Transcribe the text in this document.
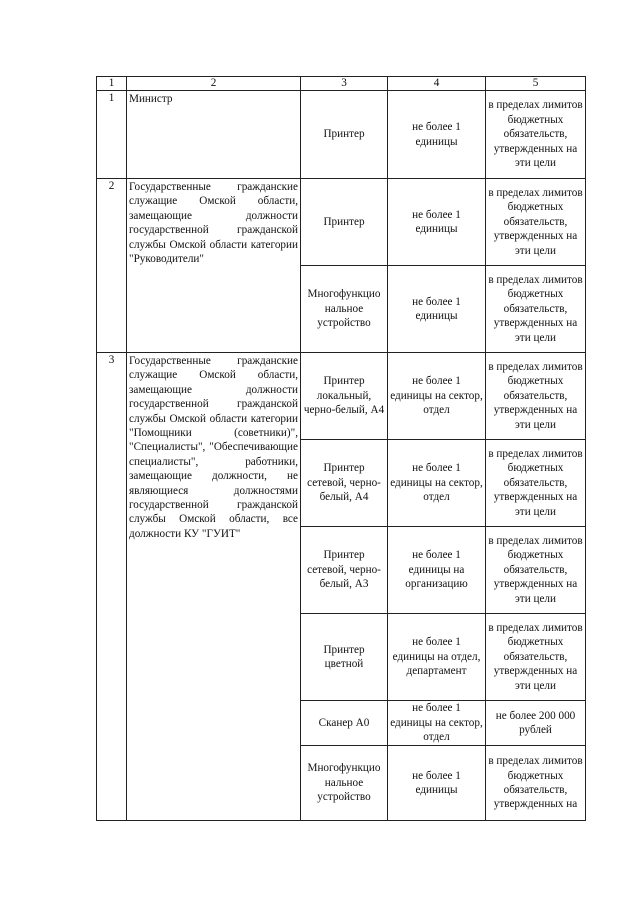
1	2	3	4	5
1	Министр	Принтер	не более 1 единицы	в пределах лимитов бюджетных обязательств, утвержденных на эти цели
2	Государственные гражданские служащие Омской области, замещающие должности государственной гражданской службы Омской области категории "Руководители"	Принтер	не более 1 единицы	в пределах лимитов бюджетных обязательств, утвержденных на эти цели
		Многофункцио нальное устройство	не более 1 единицы	в пределах лимитов бюджетных обязательств, утвержденных на эти цели
3	Государственные гражданские служащие Омской области, замещающие должности государственной гражданской службы Омской области категории "Помощники (советники)", "Специалисты", "Обеспечивающие специалисты", работники, замещающие должности, не являющиеся должностями государственной гражданской службы Омской области, все должности КУ "ГУИТ"	Принтер локальный, черно-белый, А4	не более 1 единицы на сектор, отдел	в пределах лимитов бюджетных обязательств, утвержденных на эти цели
		Принтер сетевой, черно-белый, А4	не более 1 единицы на сектор, отдел	в пределах лимитов бюджетных обязательств, утвержденных на эти цели
		Принтер сетевой, черно-белый, А3	не более 1 единицы на организацию	в пределах лимитов бюджетных обязательств, утвержденных на эти цели
		Принтер цветной	не более 1 единицы на отдел, департамент	в пределах лимитов бюджетных обязательств, утвержденных на эти цели
		Сканер А0	не более 1 единицы на сектор, отдел	не более 200 000 рублей
		Многофункцио нальное устройство	не более 1 единицы	в пределах лимитов бюджетных обязательств, утвержденных на
